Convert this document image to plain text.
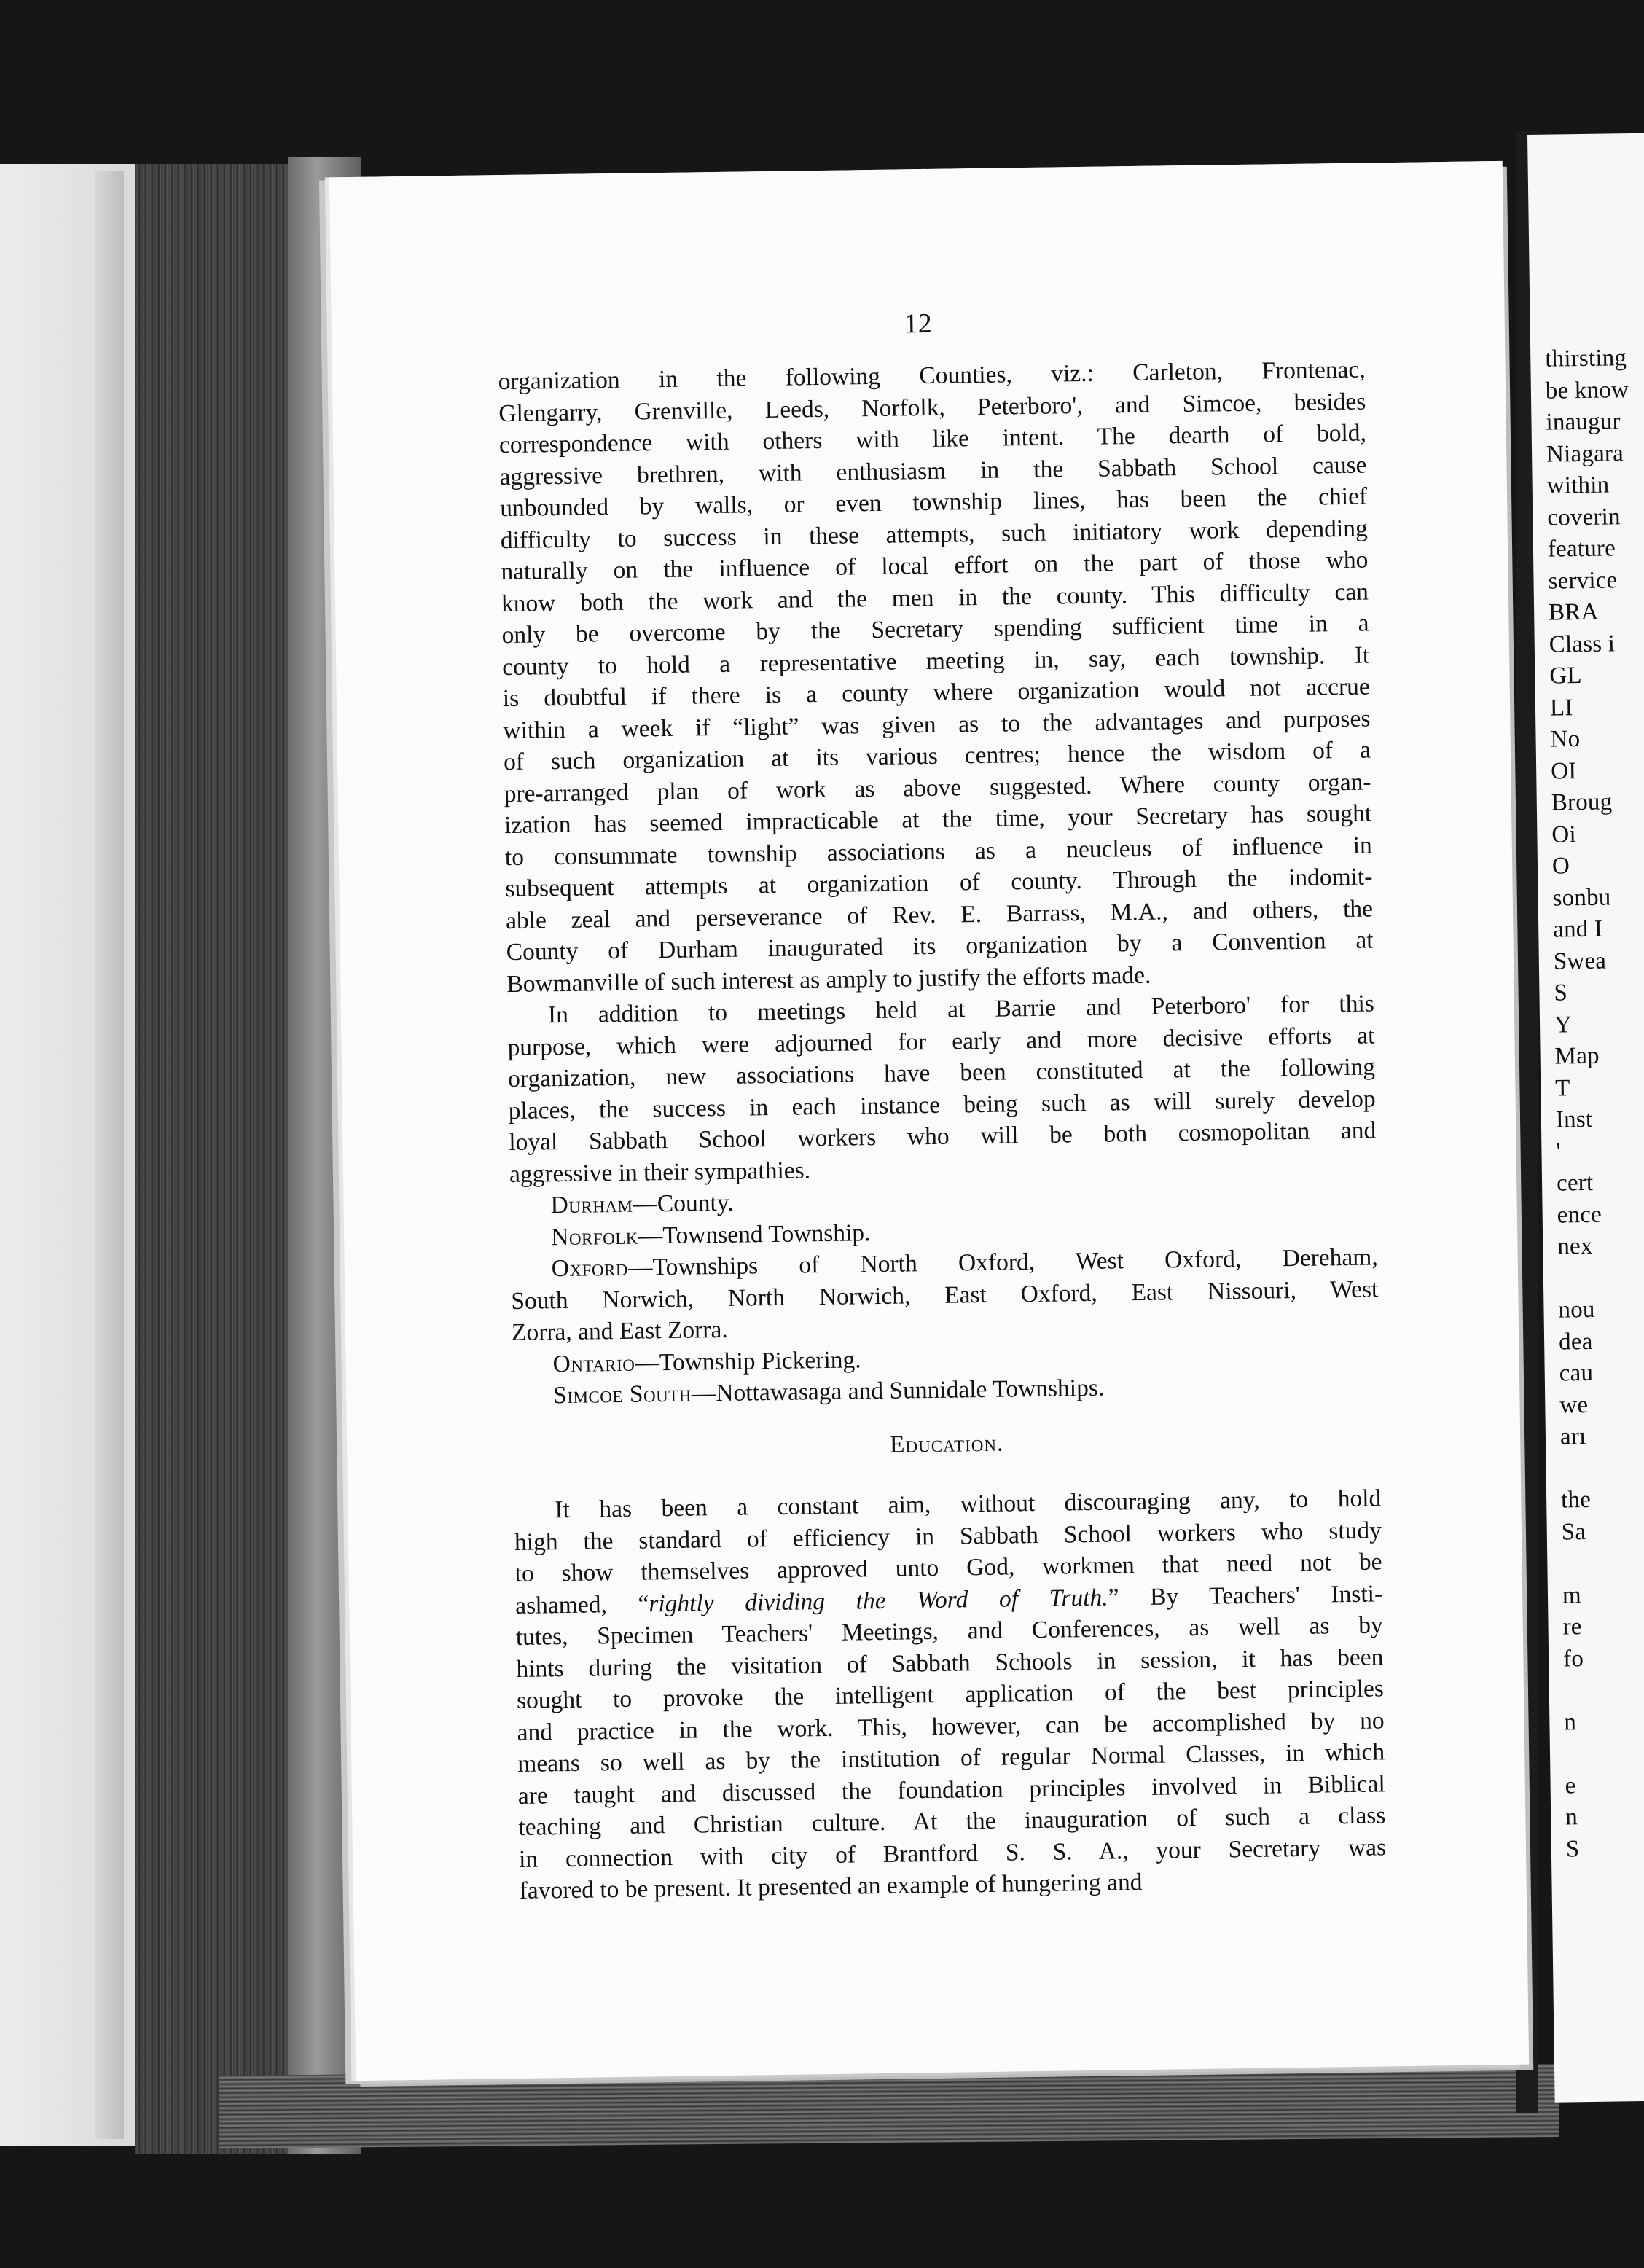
thirsting
be know
inaugur
Niagara
within
coverin
feature
service
BRA
Class i
GL
LI
No
OI
Broug
Oi
O
sonbu
and I
Swea
S
Y
Map
T
Inst
'
cert
ence
nex
nou
dea
cau
we
arı
the
Sa
m
re
fo
n
e
n
S
12
organization in the following Counties, viz.: Carleton, Frontenac,
Glengarry, Grenville, Leeds, Norfolk, Peterboro', and Simcoe, besides
correspondence with others with like intent. The dearth of bold,
aggressive brethren, with enthusiasm in the Sabbath School cause
unbounded by walls, or even township lines, has been the chief
difficulty to success in these attempts, such initiatory work depending
naturally on the influence of local effort on the part of those who
know both the work and the men in the county. This difficulty can
only be overcome by the Secretary spending sufficient time in a
county to hold a representative meeting in, say, each township. It
is doubtful if there is a county where organization would not accrue
within a week if “light” was given as to the advantages and purposes
of such organization at its various centres; hence the wisdom of a
pre-arranged plan of work as above suggested. Where county organ-
ization has seemed impracticable at the time, your Secretary has sought
to consummate township associations as a neucleus of influence in
subsequent attempts at organization of county. Through the indomit-
able zeal and perseverance of Rev. E. Barrass, M.A., and others, the
County of Durham inaugurated its organization by a Convention at
Bowmanville of such interest as amply to justify the efforts made.
In addition to meetings held at Barrie and Peterboro' for this
purpose, which were adjourned for early and more decisive efforts at
organization, new associations have been constituted at the following
places, the success in each instance being such as will surely develop
loyal Sabbath School workers who will be both cosmopolitan and
aggressive in their sympathies.
Durham—County.
Norfolk—Townsend Township.
Oxford—Townships of North Oxford, West Oxford, Dereham,
South Norwich, North Norwich, East Oxford, East Nissouri, West
Zorra, and East Zorra.
Ontario—Township Pickering.
Simcoe South—Nottawasaga and Sunnidale Townships.
Education.
It has been a constant aim, without discouraging any, to hold
high the standard of efficiency in Sabbath School workers who study
to show themselves approved unto God, workmen that need not be
ashamed, “rightly dividing the Word of Truth.” By Teachers' Insti-
tutes, Specimen Teachers' Meetings, and Conferences, as well as by
hints during the visitation of Sabbath Schools in session, it has been
sought to provoke the intelligent application of the best principles
and practice in the work. This, however, can be accomplished by no
means so well as by the institution of regular Normal Classes, in which
are taught and discussed the foundation principles involved in Biblical
teaching and Christian culture. At the inauguration of such a class
in connection with city of Brantford S. S. A., your Secretary was
favored to be present. It presented an example of hungering and
